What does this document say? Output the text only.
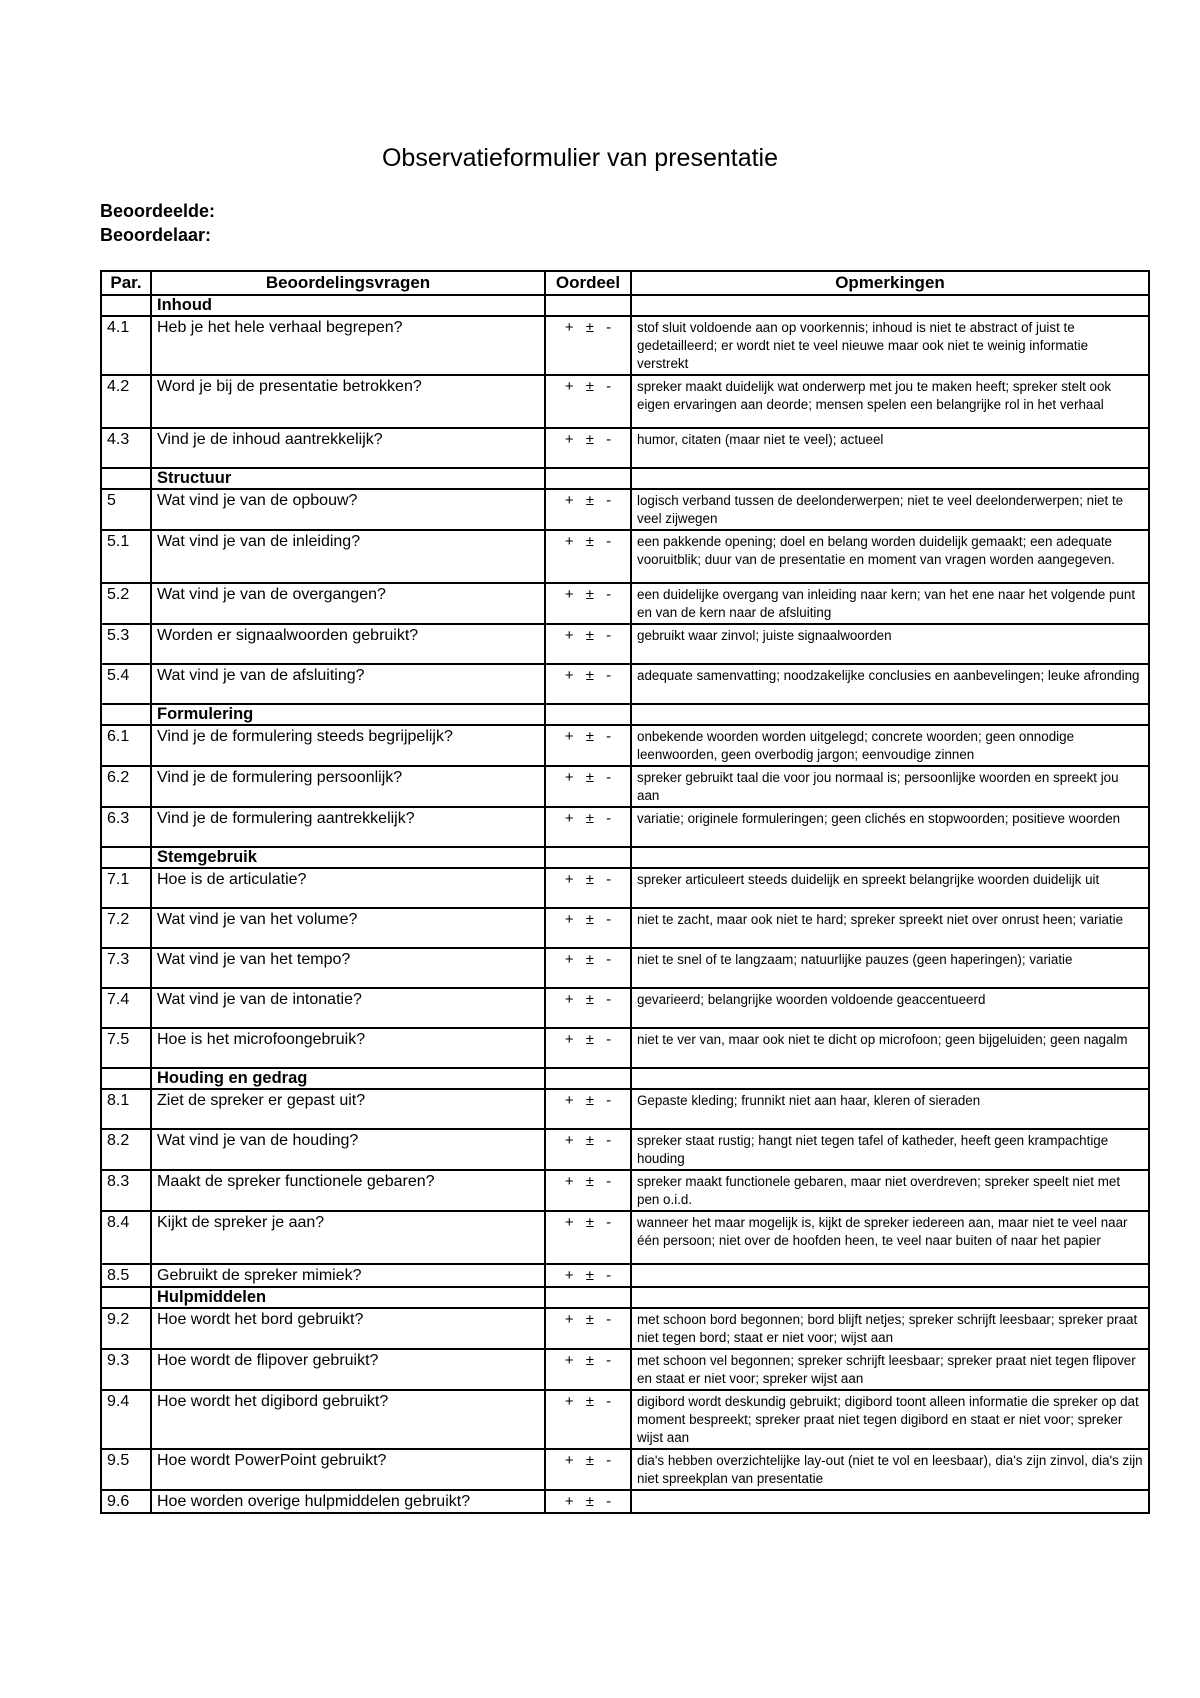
Observatieformulier van presentatie
Beoordeelde:
Beoordelaar:
Par.	Beoordelingsvragen	Oordeel	Opmerkingen
	Inhoud		
4.1	Heb je het hele verhaal begrepen?	+ ± -	stof sluit voldoende aan op voorkennis; inhoud is niet te abstract of juist te gedetailleerd; er wordt niet te veel nieuwe maar ook niet te weinig informatie verstrekt
4.2	Word je bij de presentatie betrokken?	+ ± -	spreker maakt duidelijk wat onderwerp met jou te maken heeft; spreker stelt ook eigen ervaringen aan deorde; mensen spelen een belangrijke rol in het verhaal
4.3	Vind je de inhoud aantrekkelijk?	+ ± -	humor, citaten (maar niet te veel); actueel
	Structuur		
5	Wat vind je van de opbouw?	+ ± -	logisch verband tussen de deelonderwerpen; niet te veel deelonderwerpen; niet te veel zijwegen
5.1	Wat vind je van de inleiding?	+ ± -	een pakkende opening; doel en belang worden duidelijk gemaakt; een adequate vooruitblik; duur van de presentatie en moment van vragen worden aangegeven.
5.2	Wat vind je van de overgangen?	+ ± -	een duidelijke overgang van inleiding naar kern; van het ene naar het volgende punt en van de kern naar de afsluiting
5.3	Worden er signaalwoorden gebruikt?	+ ± -	gebruikt waar zinvol; juiste signaalwoorden
5.4	Wat vind je van de afsluiting?	+ ± -	adequate samenvatting; noodzakelijke conclusies en aanbevelingen; leuke afronding
	Formulering		
6.1	Vind je de formulering steeds begrijpelijk?	+ ± -	onbekende woorden worden uitgelegd; concrete woorden; geen onnodige leenwoorden, geen overbodig jargon; eenvoudige zinnen
6.2	Vind je de formulering persoonlijk?	+ ± -	spreker gebruikt taal die voor jou normaal is; persoonlijke woorden en spreekt jou aan
6.3	Vind je de formulering aantrekkelijk?	+ ± -	variatie; originele formuleringen; geen clichés en stopwoorden; positieve woorden
	Stemgebruik		
7.1	Hoe is de articulatie?	+ ± -	spreker articuleert steeds duidelijk en spreekt belangrijke woorden duidelijk uit
7.2	Wat vind je van het volume?	+ ± -	niet te zacht, maar ook niet te hard; spreker spreekt niet over onrust heen; variatie
7.3	Wat vind je van het tempo?	+ ± -	niet te snel of te langzaam; natuurlijke pauzes (geen haperingen); variatie
7.4	Wat vind je van de intonatie?	+ ± -	gevarieerd; belangrijke woorden voldoende geaccentueerd
7.5	Hoe is het microfoongebruik?	+ ± -	niet te ver van, maar ook niet te dicht op microfoon; geen bijgeluiden; geen nagalm
	Houding en gedrag		
8.1	Ziet de spreker er gepast uit?	+ ± -	Gepaste kleding; frunnikt niet aan haar, kleren of sieraden
8.2	Wat vind je van de houding?	+ ± -	spreker staat rustig; hangt niet tegen tafel of katheder, heeft geen krampachtige houding
8.3	Maakt de spreker functionele gebaren?	+ ± -	spreker maakt functionele gebaren, maar niet overdreven; spreker speelt niet met pen o.i.d.
8.4	Kijkt de spreker je aan?	+ ± -	wanneer het maar mogelijk is, kijkt de spreker iedereen aan, maar niet te veel naar één persoon; niet over de hoofden heen, te veel naar buiten of naar het papier
8.5	Gebruikt de spreker mimiek?	+ ± -	
	Hulpmiddelen		
9.2	Hoe wordt het bord gebruikt?	+ ± -	met schoon bord begonnen; bord blijft netjes; spreker schrijft leesbaar; spreker praat niet tegen bord; staat er niet voor; wijst aan
9.3	Hoe wordt de flipover gebruikt?	+ ± -	met schoon vel begonnen; spreker schrijft leesbaar; spreker praat niet tegen flipover en staat er niet voor; spreker wijst aan
9.4	Hoe wordt het digibord gebruikt?	+ ± -	digibord wordt deskundig gebruikt; digibord toont alleen informatie die spreker op dat moment bespreekt; spreker praat niet tegen digibord en staat er niet voor; spreker wijst aan
9.5	Hoe wordt PowerPoint gebruikt?	+ ± -	dia's hebben overzichtelijke lay-out (niet te vol en leesbaar), dia's zijn zinvol, dia's zijn niet spreekplan van presentatie
9.6	Hoe worden overige hulpmiddelen gebruikt?	+ ± -	
